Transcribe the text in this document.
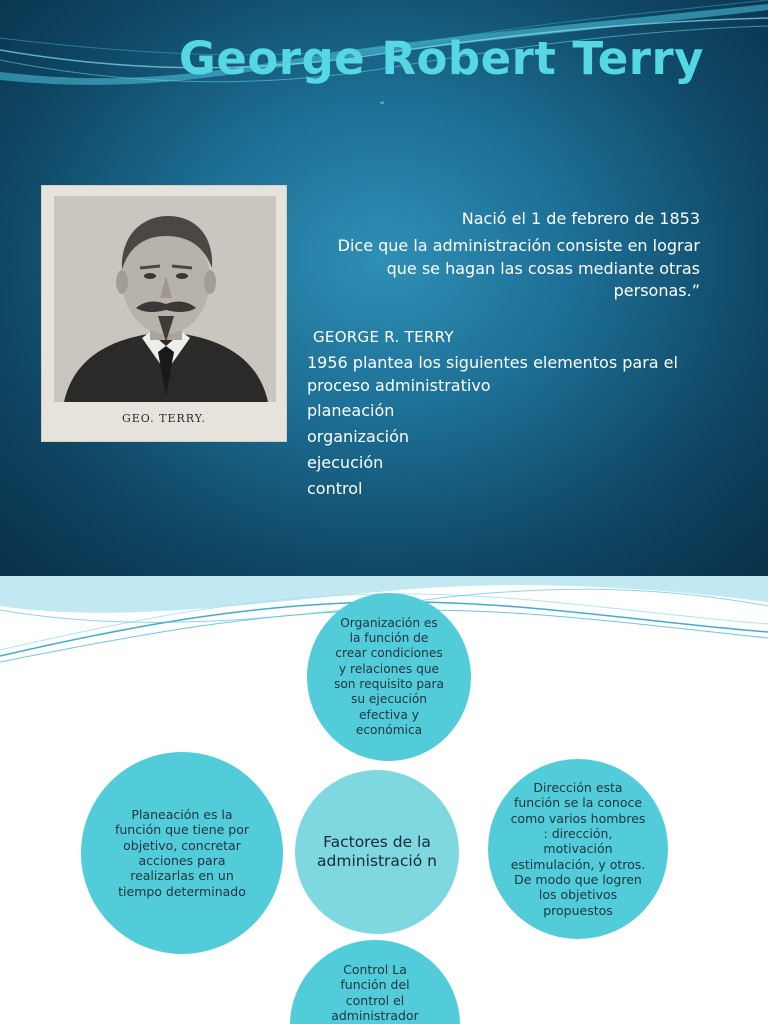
George Robert Terry
⌄
GEO. TERRY.

Nació el 1 de febrero de 1853

Dice que la administración consiste en lograr que se hagan las cosas mediante otras personas.”

GEORGE R. TERRY

1956 plantea los siguientes elementos para el proceso administrativo

planeación

organización

ejecución

control

Organización es la función de crear condiciones y relaciones que son requisito para su ejecución efectiva y económica
Planeación es la función que tiene por objetivo, concretar acciones para realizarlas en un tiempo determinado
Factores de la administració n
Dirección esta función se la conoce como varios hombres : dirección, motivación estimulación, y otros. De modo que logren los objetivos propuestos
Control La función del control el administrador
